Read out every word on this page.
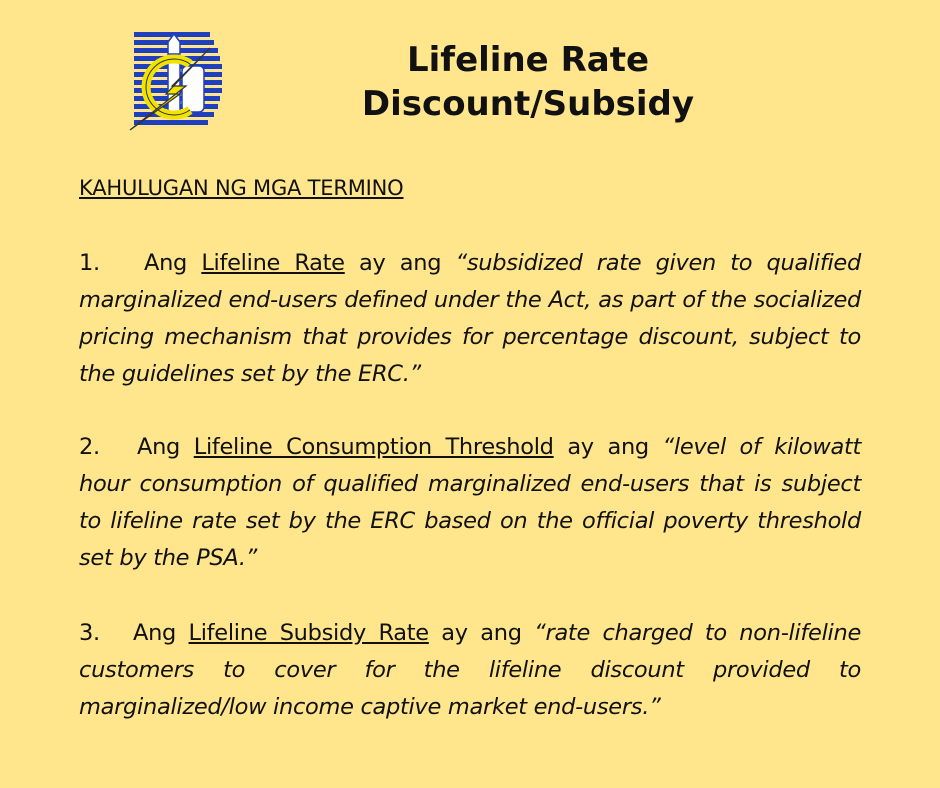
Lifeline Rate
Discount/Subsidy
KAHULUGAN NG MGA TERMINO
1. Ang Lifeline Rate ay ang “subsidized rate given to qualified marginalized end-users defined under the Act, as part of the socialized pricing mechanism that provides for percentage discount, subject to the guidelines set by the ERC.”
2. Ang Lifeline Consumption Threshold ay ang “level of kilowatt hour consumption of qualified marginalized end-users that is subject to lifeline rate set by the ERC based on the official poverty threshold set by the PSA.”
3. Ang Lifeline Subsidy Rate ay ang “rate charged to non-lifeline customers to cover for the lifeline discount provided to marginalized/low income captive market end-users.”
